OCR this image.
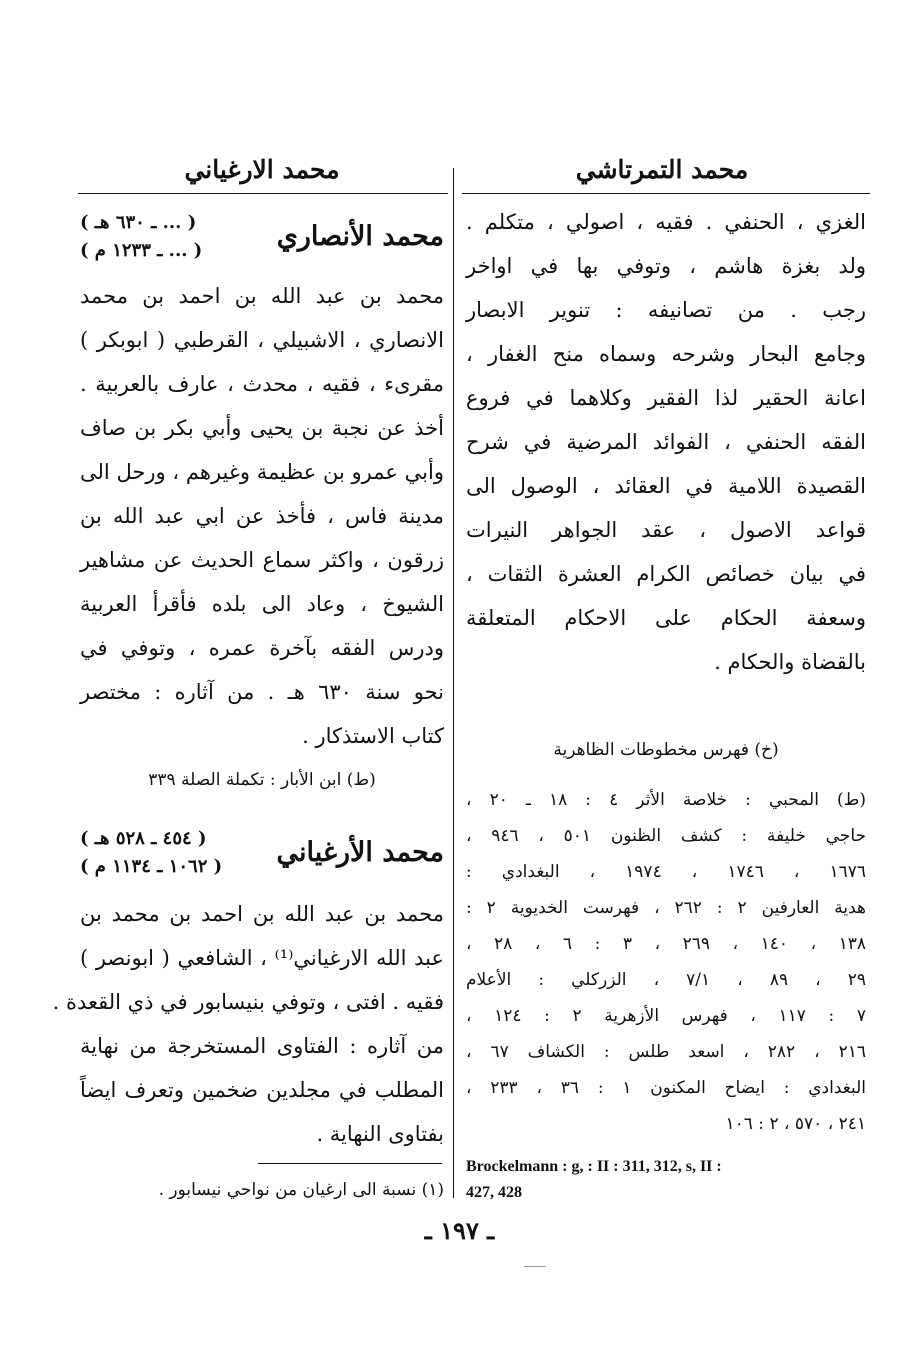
محمد التمرتاشي
محمد الارغياني
الغزي ، الحنفي . فقيه ، اصولي ، متكلم .
ولد بغزة هاشم ، وتوفي بها في اواخر
رجب . من تصانيفه : تنوير الابصار
وجامع البحار وشرحه وسماه منح الغفار ،
اعانة الحقير لذا الفقير وكلاهما في فروع
الفقه الحنفي ، الفوائد المرضية في شرح
القصيدة اللامية في العقائد ، الوصول الى
قواعد الاصول ، عقد الجواهر النيرات
في بيان خصائص الكرام العشرة الثقات ،
وسعفة الحكام على الاحكام المتعلقة
بالقضاة والحكام .
(خ) فهرس مخطوطات الظاهرية
(ط) المحبي : خلاصة الأثر ٤ : ١٨ ـ ٢٠ ،
حاجي خليفة : كشف الظنون ٥٠١ ، ٩٤٦ ،
١٦٧٦ ، ١٧٤٦ ، ١٩٧٤ ، البغدادي :
هدية العارفين ٢ : ٢٦٢ ، فهرست الخديوية ٢ :
١٣٨ ، ١٤٠ ، ٢٦٩ ، ٣ : ٦ ، ٢٨ ،
٢٩ ، ٨٩ ، ٧/١ ، الزركلي : الأعلام
٧ : ١١٧ ، فهرس الأزهرية ٢ : ١٢٤ ،
٢١٦ ، ٢٨٢ ، اسعد طلس : الكشاف ٦٧ ،
البغدادي : ايضاح المكنون ١ : ٣٦ ، ٢٣٣ ،
٢٤١ ، ٥٧٠ ، ٢ : ١٠٦
Brockelmann : g, : II : 311, 312, s, II :
427, 428
محمد الأنصاري
( ... ـ ٦٣٠ هـ )
( ... ـ ١٢٣٣ م )
محمد بن عبد الله بن احمد بن محمد
الانصاري ، الاشبيلي ، القرطبي ( ابوبكر )
مقرىء ، فقيه ، محدث ، عارف بالعربية .
أخذ عن نجبة بن يحيى وأبي بكر بن صاف
وأبي عمرو بن عظيمة وغيرهم ، ورحل الى
مدينة فاس ، فأخذ عن ابي عبد الله بن
زرقون ، واكثر سماع الحديث عن مشاهير
الشيوخ ، وعاد الى بلده فأقرأ العربية
ودرس الفقه بآخرة عمره ، وتوفي في
نحو سنة ٦٣٠ هـ . من آثاره : مختصر
كتاب الاستذكار .
(ط) ابن الأبار : تكملة الصلة ٣٣٩
محمد الأرغياني
( ٤٥٤ ـ ٥٢٨ هـ )
( ١٠٦٢ ـ ١١٣٤ م )
محمد بن عبد الله بن احمد بن محمد بن
عبد الله الارغياني⁽¹⁾ ، الشافعي ( ابونصر )
فقيه . افتى ، وتوفي بنيسابور في ذي القعدة .
من آثاره : الفتاوى المستخرجة من نهاية
المطلب في مجلدين ضخمين وتعرف ايضاً
بفتاوى النهاية .
(١) نسبة الى ارغيان من نواحي نيسابور .
ـ ١٩٧ ـ
